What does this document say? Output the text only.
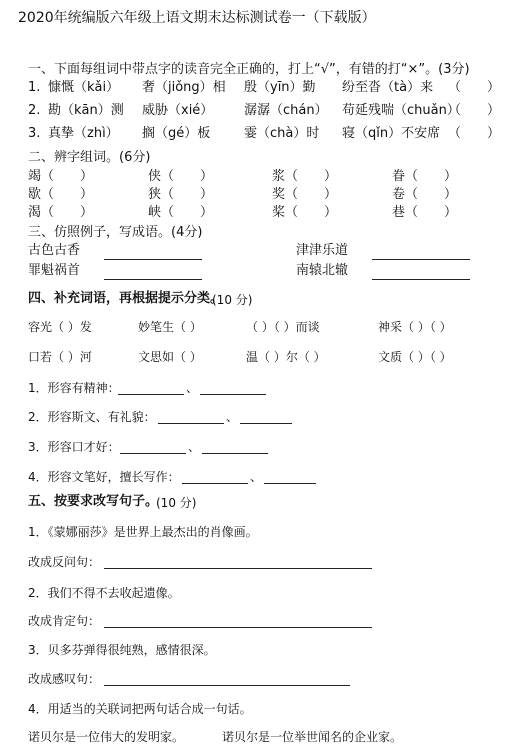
2020年统编版六年级上语文期末达标测试卷一（下载版）
一、下面每组词中带点字的读音完全正确的，打上“√”，有错的打“×”。(3分)
1. 慷慨（kǎi） 奢（jiǒng）相 殷（yīn）勤 纷至沓（tà）来 （　　）
2. 勘（kān）测 威胁（xié） 潺潺（chán） 苟延残喘（chuǎn）
（　　）
3. 真挚（zhì） 搁（gé）板	霎（chà）时 寝（qǐn）不安席 （　　）
二、辨字组词。(6分)
竭（　　）	侠（　　）	浆（　　）	眷（　　）
歇（　　）	狭（　　）	奖（　　）	卷（　　）
渴（　　）	峡（　　）	桨（　　）	巷（　　）
三、仿照例子，写成语。(4分)
古色古香	津津乐道
罪魁祸首	南辕北辙
四、补充词语，再根据提示分类。
(10 分)
容光（ ）发	妙笔生（ ）	（ ）（ ）而谈	神采（ ）（ ）
口若（ ）河	文思如（ ）	温（ ）尔（ ）	文质（ ）（ ）
1．形容有精神：	、
2．形容斯文、有礼貌：	、
3．形容口才好：	、
4．形容文笔好，擅长写作：	、
五、按要求改写句子。
(10 分)
1．《蒙娜丽莎》是世界上最杰出的肖像画。
改成反问句：
2．我们不得不去收起遗像。
改成肯定句：
3．贝多芬弹得很纯熟，感情很深。
改成感叹句：
4．用适当的关联词把两句话合成一句话。
诺贝尔是一位伟大的发明家。	诺贝尔是一位举世闻名的企业家。
